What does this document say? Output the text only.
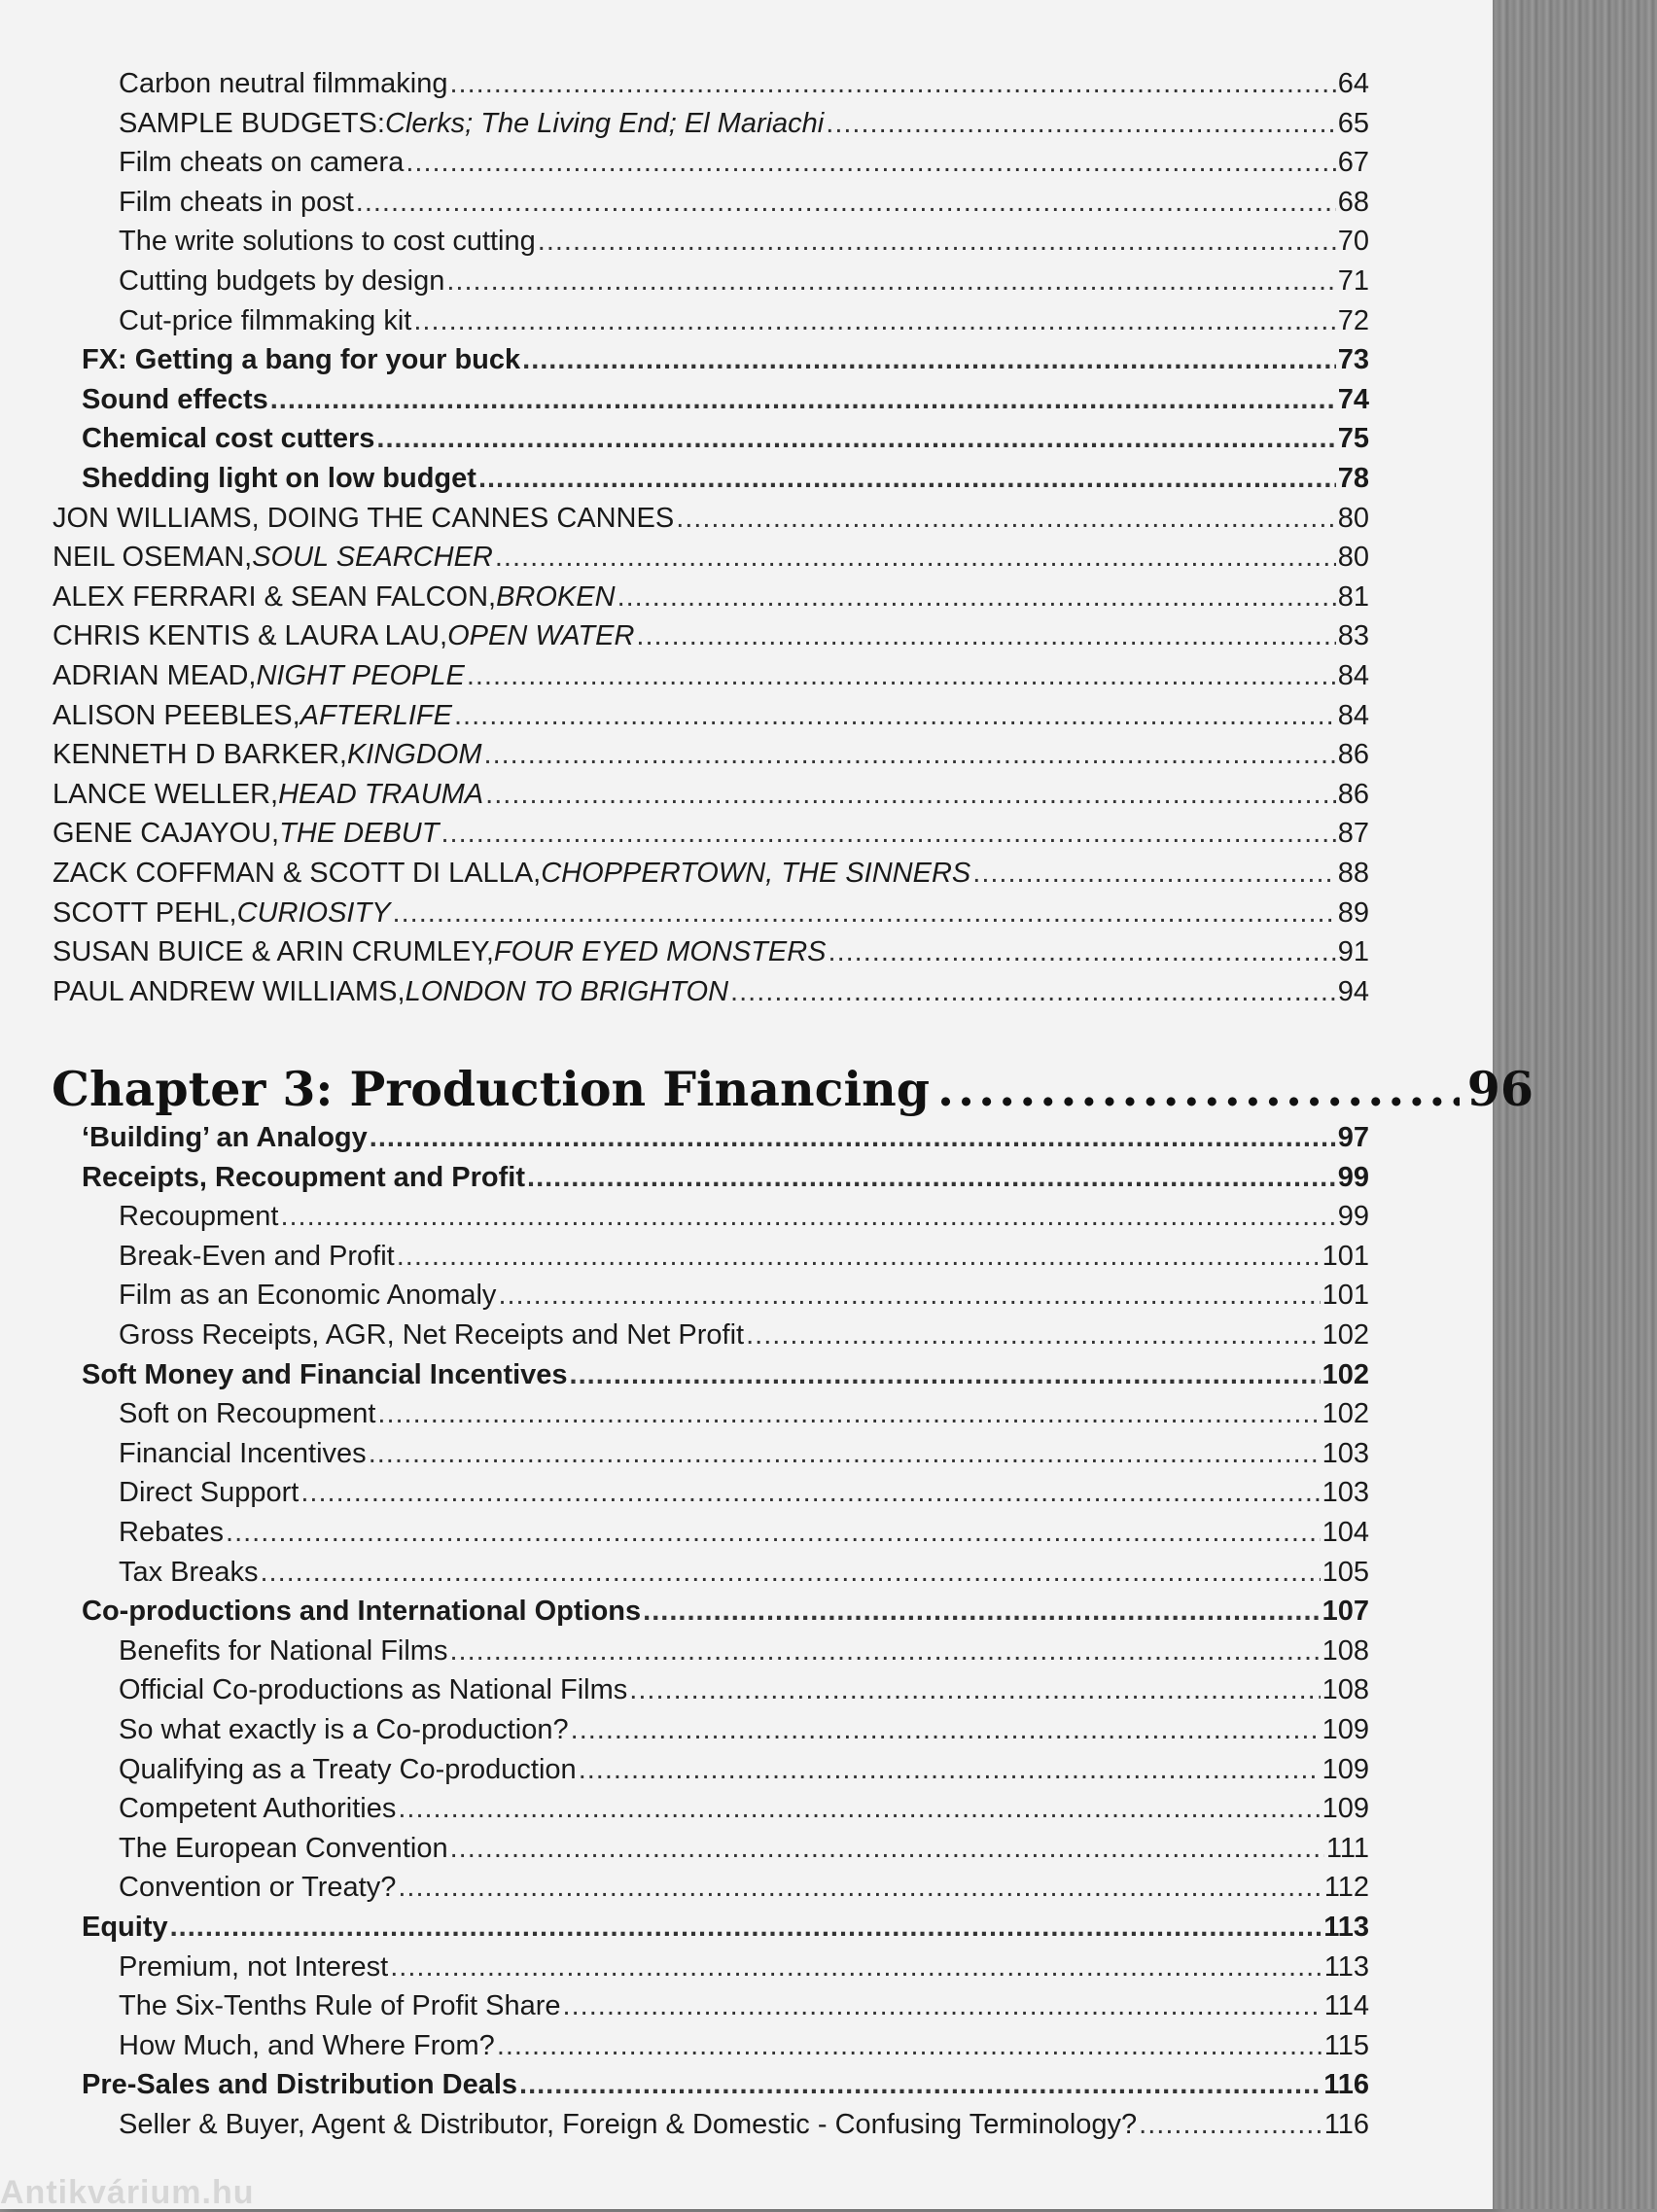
Carbon neutral filmmaking .....	64
SAMPLE BUDGETS: Clerks; The Living End; El Mariachi .....	65
Film cheats on camera .....	67
Film cheats in post .....	68
The write solutions to cost cutting .....	70
Cutting budgets by design .....	71
Cut-price filmmaking kit .....	72
FX: Getting a bang for your buck .....	73
Sound effects .....	74
Chemical cost cutters .....	75
Shedding light on low budget .....	78
JON WILLIAMS, DOING THE CANNES CANNES .....	80
NEIL OSEMAN, SOUL SEARCHER .....	80
ALEX FERRARI & SEAN FALCON, BROKEN .....	81
CHRIS KENTIS & LAURA LAU, OPEN WATER .....	83
ADRIAN MEAD, NIGHT PEOPLE .....	84
ALISON PEEBLES, AFTERLIFE .....	84
KENNETH D BARKER, KINGDOM .....	86
LANCE WELLER, HEAD TRAUMA .....	86
GENE CAJAYOU, THE DEBUT .....	87
ZACK COFFMAN & SCOTT DI LALLA, CHOPPERTOWN, THE SINNERS .....	88
SCOTT PEHL, CURIOSITY .....	89
SUSAN BUICE & ARIN CRUMLEY, FOUR EYED MONSTERS .....	91
PAUL ANDREW WILLIAMS, LONDON TO BRIGHTON .....	94
Chapter 3: Production Financing .....	96
‘Building’ an Analogy .....	97
Receipts, Recoupment and Profit .....	99
Recoupment .....	99
Break-Even and Profit .....	101
Film as an Economic Anomaly .....	101
Gross Receipts, AGR, Net Receipts and Net Profit .....	102
Soft Money and Financial Incentives .....	102
Soft on Recoupment .....	102
Financial Incentives .....	103
Direct Support .....	103
Rebates .....	104
Tax Breaks .....	105
Co-productions and International Options .....	107
Benefits for National Films .....	108
Official Co-productions as National Films .....	108
So what exactly is a Co-production? .....	109
Qualifying as a Treaty Co-production .....	109
Competent Authorities .....	109
The European Convention .....	111
Convention or Treaty? .....	112
Equity .....	113
Premium, not Interest .....	113
The Six-Tenths Rule of Profit Share .....	114
How Much, and Where From? .....	115
Pre-Sales and Distribution Deals .....	116
Seller & Buyer, Agent & Distributor, Foreign & Domestic - Confusing Terminology? .....	116
Antikvárium.hu
